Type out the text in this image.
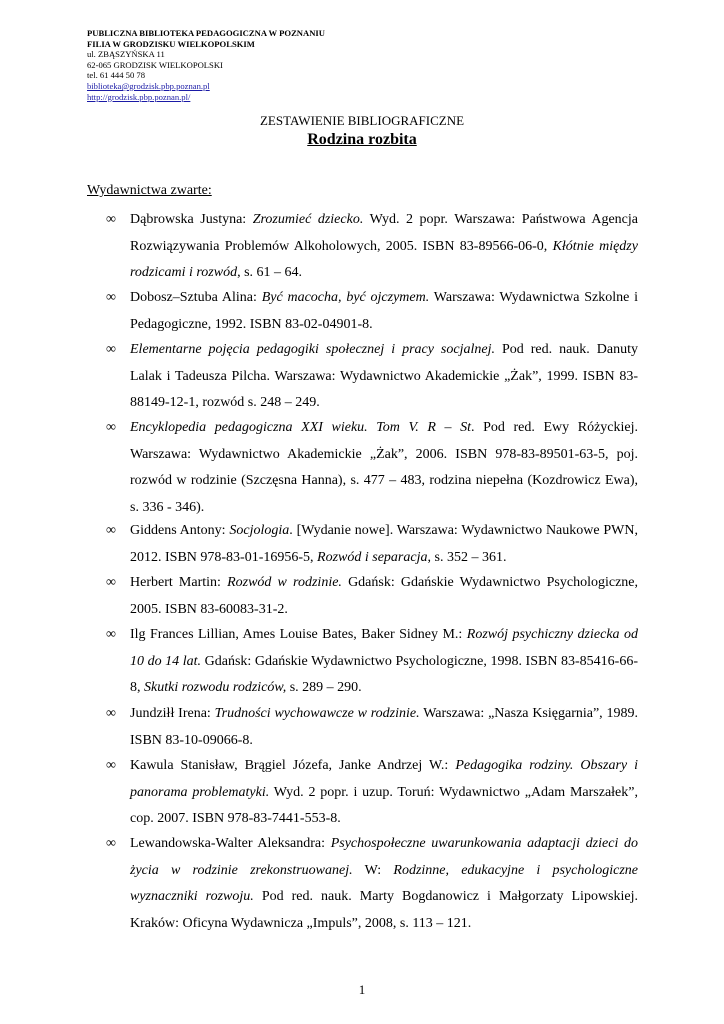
PUBLICZNA BIBLIOTEKA PEDAGOGICZNA W POZNANIU
FILIA W GRODZISKU WIELKOPOLSKIM
ul. ZBĄSZYŃSKA 11
62-065 GRODZISK WIELKOPOLSKI
tel. 61 444 50 78
biblioteka@grodzisk.pbp.poznan.pl
http://grodzisk.pbp.poznan.pl/
ZESTAWIENIE BIBLIOGRAFICZNE
Rodzina rozbita
Wydawnictwa zwarte:
∞ Dąbrowska Justyna: Zrozumieć dziecko. Wyd. 2 popr. Warszawa: Państwowa Agencja Rozwiązywania Problemów Alkoholowych, 2005. ISBN 83-89566-06-0, Kłótnie między rodzicami i rozwód, s. 61 – 64.

∞ Dobosz–Sztuba Alina: Być macocha, być ojczymem. Warszawa: Wydawnictwa Szkolne i Pedagogiczne, 1992. ISBN 83-02-04901-8.

∞ Elementarne pojęcia pedagogiki społecznej i pracy socjalnej. Pod red. nauk. Danuty Lalak i Tadeusza Pilcha. Warszawa: Wydawnictwo Akademickie „Żak”, 1999. ISBN 83-88149-12-1, rozwód s. 248 – 249.

∞ Encyklopedia pedagogiczna XXI wieku. Tom V. R – St. Pod red. Ewy Różyckiej. Warszawa: Wydawnictwo Akademickie „Żak”, 2006. ISBN 978-83-89501-63-5, poj. rozwód w rodzinie (Szczęsna Hanna), s. 477 – 483, rodzina niepełna (Kozdrowicz Ewa), s. 336 - 346).

∞ Giddens Antony: Socjologia. [Wydanie nowe]. Warszawa: Wydawnictwo Naukowe PWN, 2012. ISBN 978-83-01-16956-5, Rozwód i separacja, s. 352 – 361.

∞ Herbert Martin: Rozwód w rodzinie. Gdańsk: Gdańskie Wydawnictwo Psychologiczne, 2005. ISBN 83-60083-31-2.

∞ Ilg Frances Lillian, Ames Louise Bates, Baker Sidney M.: Rozwój psychiczny dziecka od 10 do 14 lat. Gdańsk: Gdańskie Wydawnictwo Psychologiczne, 1998. ISBN 83-85416-66-8, Skutki rozwodu rodziców, s. 289 – 290.

∞ Jundziłł Irena: Trudności wychowawcze w rodzinie. Warszawa: „Nasza Księgarnia”, 1989. ISBN 83-10-09066-8.

∞ Kawula Stanisław, Brągiel Józefa, Janke Andrzej W.: Pedagogika rodziny. Obszary i panorama problematyki. Wyd. 2 popr. i uzup. Toruń: Wydawnictwo „Adam Marszałek”, cop. 2007. ISBN 978-83-7441-553-8.

∞ Lewandowska-Walter Aleksandra: Psychospołeczne uwarunkowania adaptacji dzieci do życia w rodzinie zrekonstruowanej. W: Rodzinne, edukacyjne i psychologiczne wyznaczniki rozwoju. Pod red. nauk. Marty Bogdanowicz i Małgorzaty Lipowskiej. Kraków: Oficyna Wydawnicza „Impuls”, 2008, s. 113 – 121.

1
